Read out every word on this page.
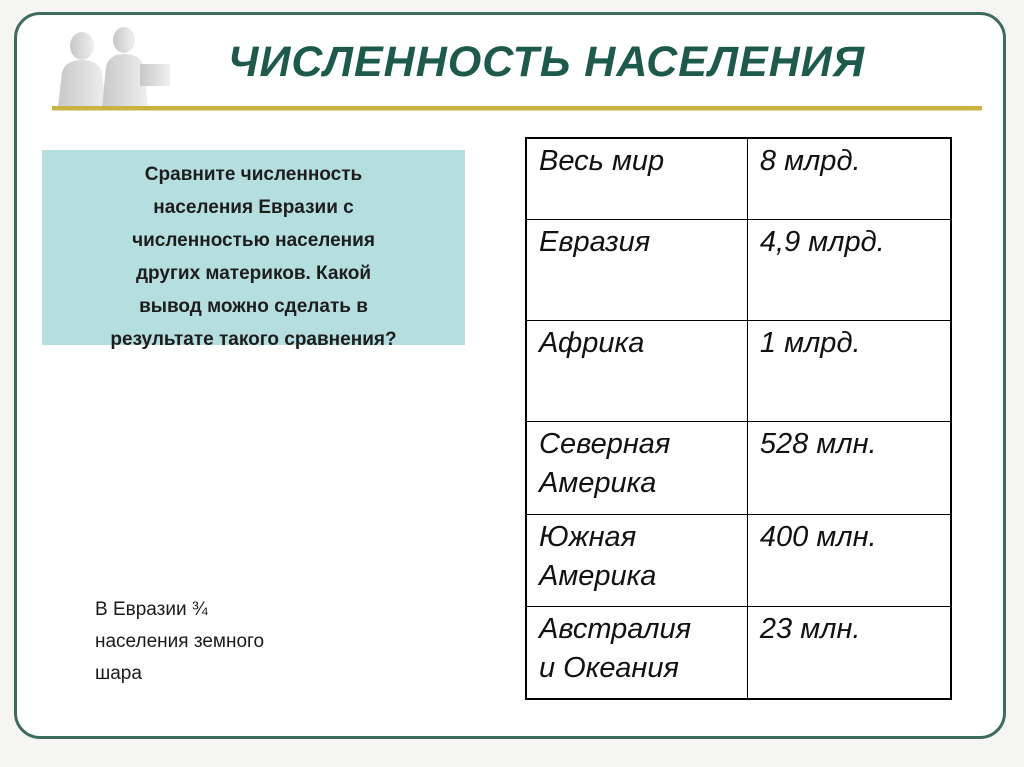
ЧИСЛЕННОСТЬ НАСЕЛЕНИЯ
Сравните численность
населения Евразии с
численностью населения
других материков. Какой
вывод можно сделать в
результате такого сравнения?
В Евразии ¾
населения земного
шара
Весь мир	8 млрд.

Евразия	4,9 млрд.

Африка	1 млрд.

Северная
Америка	528 млн.

Южная
Америка	400 млн.

Австралия
и Океания	23 млн.
